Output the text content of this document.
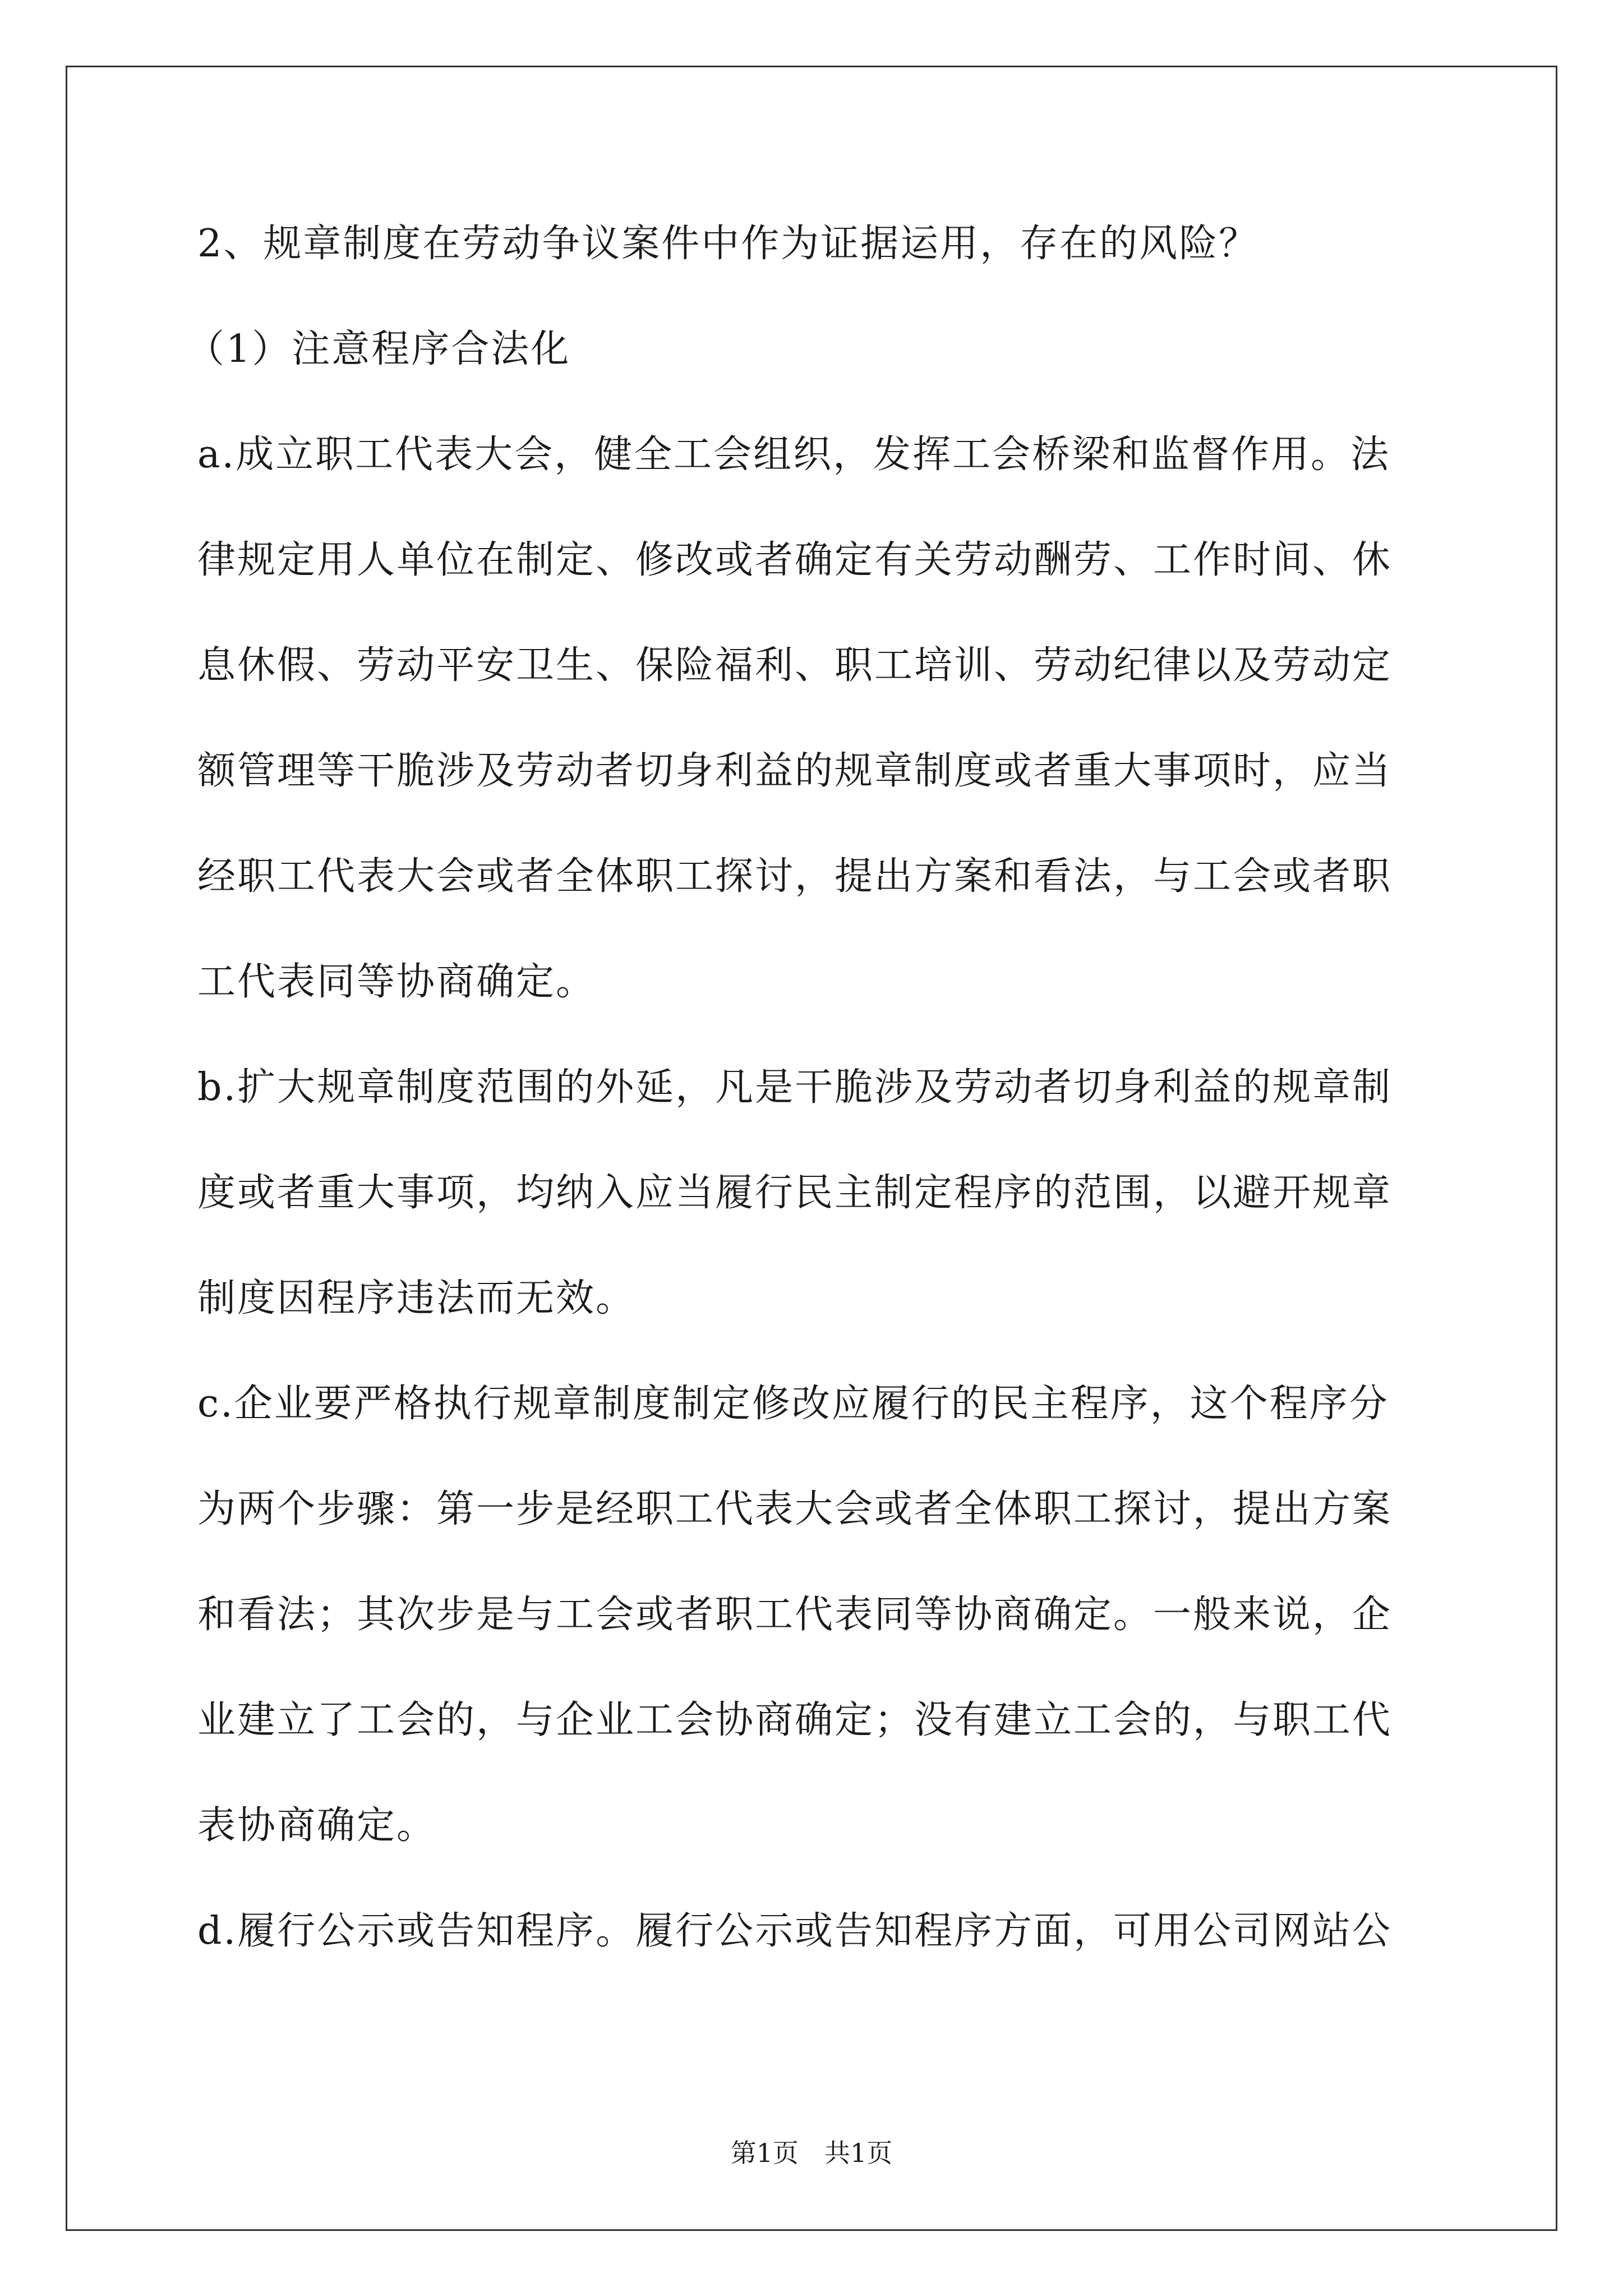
2、规章制度在劳动争议案件中作为证据运用，存在的风险？
（1）注意程序合法化
a.成立职工代表大会，健全工会组织，发挥工会桥梁和监督作用。法
律规定用人单位在制定、修改或者确定有关劳动酬劳、工作时间、休
息休假、劳动平安卫生、保险福利、职工培训、劳动纪律以及劳动定
额管理等干脆涉及劳动者切身利益的规章制度或者重大事项时，应当
经职工代表大会或者全体职工探讨，提出方案和看法，与工会或者职
工代表同等协商确定。
b.扩大规章制度范围的外延，凡是干脆涉及劳动者切身利益的规章制
度或者重大事项，均纳入应当履行民主制定程序的范围，以避开规章
制度因程序违法而无效。
c.企业要严格执行规章制度制定修改应履行的民主程序，这个程序分
为两个步骤：第一步是经职工代表大会或者全体职工探讨，提出方案
和看法；其次步是与工会或者职工代表同等协商确定。一般来说，企
业建立了工会的，与企业工会协商确定；没有建立工会的，与职工代
表协商确定。
d.履行公示或告知程序。履行公示或告知程序方面，可用公司网站公
第1页　共1页
